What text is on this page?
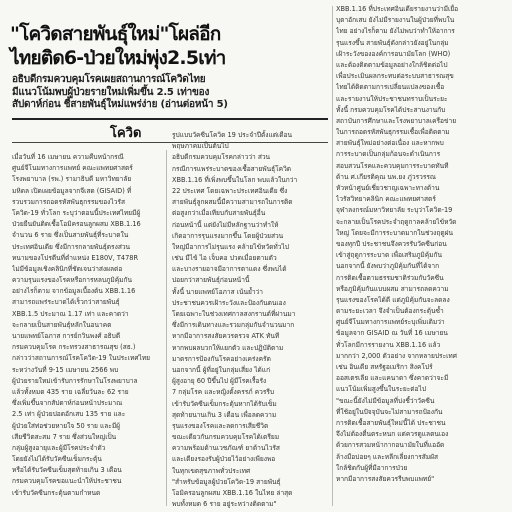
"โควิดสายพันธุ์ใหม่"โผล่อีก
ไทยติด6-ป่วยใหม่พุ่ง2.5เท่า
อธิบดีกรมควบคุมโรคเผยสถานการณ์โควิดไทย
มีแนวโน้มพบผู้ป่วยรายใหม่เพิ่มขึ้น 2.5 เท่าของ
สัปดาห์ก่อน ชี้สายพันธุ์ใหม่แพร่ง่าย (อ่านต่อหน้า 5)
โควิด
เมื่อวันที่ 16 เมษายน ความคืบหน้ากรณี
ศูนย์จีโนมทางการแพทย์ คณะแพทยศาสตร์
โรงพยาบาล (รพ.) รามาธิบดี มหาวิทยาลัย
มหิดล เปิดเผยข้อมูลจากจีเสด (GISAID) ที่
รวบรวมการถอดรหัสพันธุกรรมของไวรัส
โควิด-19 ทั่วโลก ระบุว่าตอนนี้ประเทศไทยมีผู้
ป่วยยืนยันติดเชื้อโอมิครอนลูกผสม XBB.1.16
จำนวน 6 ราย ซึ่งเป็นสายพันธุ์ที่ระบาดใน
ประเทศอินเดีย ซึ่งมีการกลายพันธุ์ตรงส่วน
หนามของโปรตีนที่ตำแหน่ง E180V, T478R
ไม่มีข้อมูลเชิงคลินิกที่ชัดเจนว่าส่งผลต่อ
ความรุนแรงของโรคหรือการหลบภูมิคุ้มกัน
อย่างไรก็ตาม จากข้อมูลเบื้องต้น XBB.1.16
สามารถแพร่ระบาดได้เร็วกว่าสายพันธุ์
XBB.1.5 ประมาณ 1.17 เท่า และคาดว่า
จะกลายเป็นสายพันธุ์หลักในอนาคต
นายแพทย์โอภาส การย์กวินพงศ์ อธิบดี
กรมควบคุมโรค กระทรวงสาธารณสุข (สธ.)
กล่าวว่าสถานการณ์โรคโควิด-19 ในประเทศไทย
ระหว่างวันที่ 9-15 เมษายน 2566 พบ
ผู้ป่วยรายใหม่เข้ารับการรักษาในโรงพยาบาล
แล้วทั้งหมด 435 ราย เฉลี่ยวันละ 62 ราย
ซึ่งเพิ่มขึ้นจากสัปดาห์ก่อนหน้าประมาณ
2.5 เท่า ผู้ป่วยปอดอักเสบ 135 ราย และ
ผู้ป่วยใส่ท่อช่วยหายใจ 50 ราย และมีผู้
เสียชีวิตสะสม 7 ราย ซึ่งส่วนใหญ่เป็น
กลุ่มผู้สูงอายุและผู้มีโรคประจำตัว
โดยยังไม่ได้รับวัคซีนเข็มกระตุ้น
หรือได้รับวัคซีนเข็มสุดท้ายเกิน 3 เดือน
กรมควบคุมโรคขอแนะนำให้ประชาชน
เข้ารับวัคซีนกระตุ้นตามกำหนด
รูปแบบวัคซีนโควิด 19 ประจำปีตั้งแต่เดือน
พฤษภาคมเป็นต้นไป
อธิบดีกรมควบคุมโรคกล่าวว่า ส่วน
กรณีการแพร่ระบาดของเชื้อสายพันธุ์โควิด
XBB.1.16 ที่เพิ่งพบขึ้นในโลก พบแล้วในกว่า
22 ประเทศ โดยเฉพาะประเทศอินเดีย ซึ่ง
สายพันธุ์ลูกผสมนี้มีความสามารถในการติด
ต่อสูงกว่าเมื่อเทียบกับสายพันธุ์อื่น
ก่อนหน้านี้ แต่ยังไม่มีหลักฐานว่าทำให้
เกิดอาการรุนแรงมากขึ้น โดยผู้ป่วยส่วน
ใหญ่มีอาการไม่รุนแรง คล้ายไข้หวัดทั่วไป
เช่น มีไข้ ไอ เจ็บคอ ปวดเมื่อยตามตัว
และบางรายอาจมีอาการตาแดง ซึ่งพบได้
บ่อยกว่าสายพันธุ์ก่อนหน้านี้
ทั้งนี้ นายแพทย์โอภาส เน้นย้ำว่า
ประชาชนควรเฝ้าระวังและป้องกันตนเอง
โดยเฉพาะในช่วงเทศกาลสงกรานต์ที่ผ่านมา
ซึ่งมีการเดินทางและรวมกลุ่มกันจำนวนมาก
หากมีอาการสงสัยควรตรวจ ATK ทันที
หากพบผลบวกให้แยกตัว และปฏิบัติตาม
มาตรการป้องกันโรคอย่างเคร่งครัด
นอกจากนี้ ผู้ที่อยู่ในกลุ่มเสี่ยง ได้แก่
ผู้สูงอายุ 60 ปีขึ้นไป ผู้มีโรคเรื้อรัง
7 กลุ่มโรค และหญิงตั้งครรภ์ ควรรีบ
เข้ารับวัคซีนเข็มกระตุ้นหากได้รับเข็ม
สุดท้ายนานเกิน 3 เดือน เพื่อลดความ
รุนแรงของโรคและลดการเสียชีวิต
ขณะเดียวกันกรมควบคุมโรคได้เตรียม
ความพร้อมด้านเวชภัณฑ์ ยาต้านไวรัส
และเตียงรองรับผู้ป่วยไว้อย่างเพียงพอ
ในทุกเขตสุขภาพทั่วประเทศ
"สำหรับข้อมูลผู้ป่วยโควิด-19 สายพันธุ์
โอมิครอนลูกผสม XBB.1.16 ในไทย ล่าสุด
พบทั้งหมด 6 ราย อยู่ระหว่างติดตาม"
XBB.1.16 ที่ประเทศอินเดียรายงานว่ามีเยื่อ
บุตาอักเสบ ยังไม่มีรายงานในผู้ป่วยที่พบใน
ไทย อย่างไรก็ตาม ยังไม่พบว่าทำให้อาการ
รุนแรงขึ้น สายพันธุ์ดังกล่าวยังอยู่ในกลุ่ม
เฝ้าระวังขององค์การอนามัยโลก (WHO)
และต้องติดตามข้อมูลอย่างใกล้ชิดต่อไป
เพื่อประเมินผลกระทบต่อระบบสาธารณสุข
ไทยได้ติดตามการเปลี่ยนแปลงของเชื้อ
และรายงานให้ประชาชนทราบเป็นระยะ
ทั้งนี้ กรมควบคุมโรคได้ประสานงานกับ
สถาบันการศึกษาและโรงพยาบาลเครือข่าย
ในการถอดรหัสพันธุกรรมเชื้อเพื่อติดตาม
สายพันธุ์ใหม่อย่างต่อเนื่อง และหากพบ
การระบาดเป็นกลุ่มก้อนจะดำเนินการ
สอบสวนโรคและควบคุมการระบาดทันที
ด้าน ศ.เกียรติคุณ นพ.ยง ภู่วรวรรณ
หัวหน้าศูนย์เชี่ยวชาญเฉพาะทางด้าน
ไวรัสวิทยาคลินิก คณะแพทยศาสตร์
จุฬาลงกรณ์มหาวิทยาลัย ระบุว่าโควิด-19
จะกลายเป็นโรคประจำฤดูกาลคล้ายไข้หวัด
ใหญ่ โดยจะมีการระบาดมากในช่วงฤดูฝน
ของทุกปี ประชาชนจึงควรรับวัคซีนก่อน
เข้าสู่ฤดูการระบาด เพื่อเสริมภูมิคุ้มกัน
นอกจากนี้ ยังพบว่าภูมิคุ้มกันที่ได้จาก
การติดเชื้อตามธรรมชาติร่วมกับวัคซีน
หรือภูมิคุ้มกันแบบผสม สามารถลดความ
รุนแรงของโรคได้ดี แต่ภูมิคุ้มกันจะลดลง
ตามระยะเวลา จึงจำเป็นต้องกระตุ้นซ้ำ
ศูนย์จีโนมทางการแพทย์ระบุเพิ่มเติมว่า
ข้อมูลจาก GISAID ณ วันที่ 16 เมษายน
ทั่วโลกมีการรายงาน XBB.1.16 แล้ว
มากกว่า 2,000 ตัวอย่าง จากหลายประเทศ
เช่น อินเดีย สหรัฐอเมริกา สิงคโปร์
ออสเตรเลีย และแคนาดา ซึ่งคาดว่าจะมี
แนวโน้มเพิ่มสูงขึ้นในระยะต่อไป
"ขณะนี้ยังไม่มีข้อมูลที่บ่งชี้ว่าวัคซีน
ที่ใช้อยู่ในปัจจุบันจะไม่สามารถป้องกัน
การติดเชื้อสายพันธุ์ใหม่นี้ได้ ประชาชน
จึงไม่ต้องตื่นตระหนก แต่ควรดูแลตนเอง
ด้วยการสวมหน้ากากอนามัยในที่แออัด
ล้างมือบ่อยๆ และหลีกเลี่ยงการสัมผัส
ใกล้ชิดกับผู้ที่มีอาการป่วย
หากมีอาการสงสัยควรรีบพบแพทย์"
